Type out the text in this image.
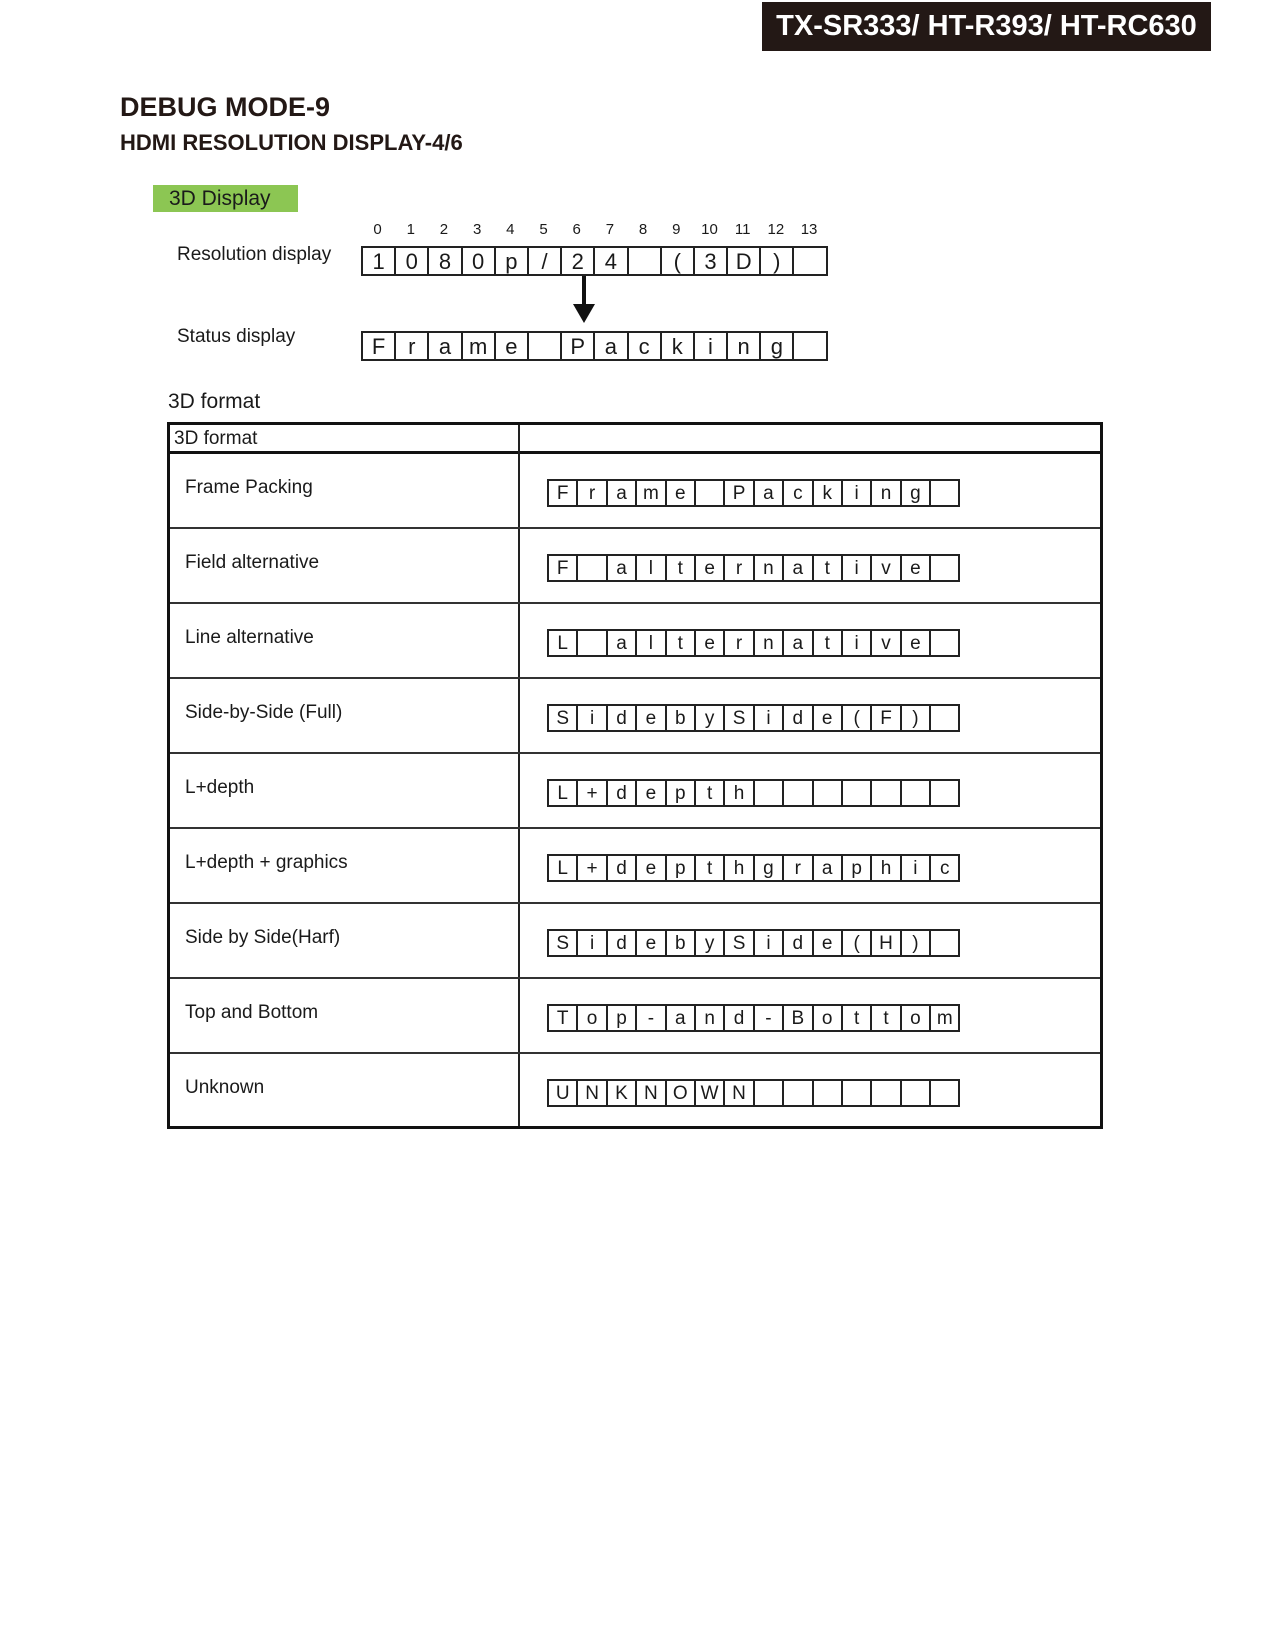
TX-SR333/ HT-R393/ HT-RC630
DEBUG MODE-9
HDMI RESOLUTION DISPLAY-4/6
3D Display
0	1	2	3	4	5	6	7	8	9	10	11	12	13
Resolution display	1 0 8 0 p	/	2 4	(	3 D )
Status display	F	r	a m e	P a c	k	i	n g
3D format
3D format
Frame Packing	F	r	a m e	P a	c	k	i	n g
Field alternative	F	a	l	t	e	r	n a	t	i	v	e
Line alternative	L	a	l	t	e	r	n a	t	i	v	e
Side-by-Side (Full)	S	i	d e b	y S	i	d e	(	F	)
L+depth	L + d e p	t	h
L+depth + graphics	L + d e p	t	h g	r	a p h	i	c
Side by Side(Harf)	S	i	d e b	y S	i	d e	(	H	)
Top and Bottom	T o p	-	a n d	-	B o	t	t	o m
Unknown	U N K N O W N
